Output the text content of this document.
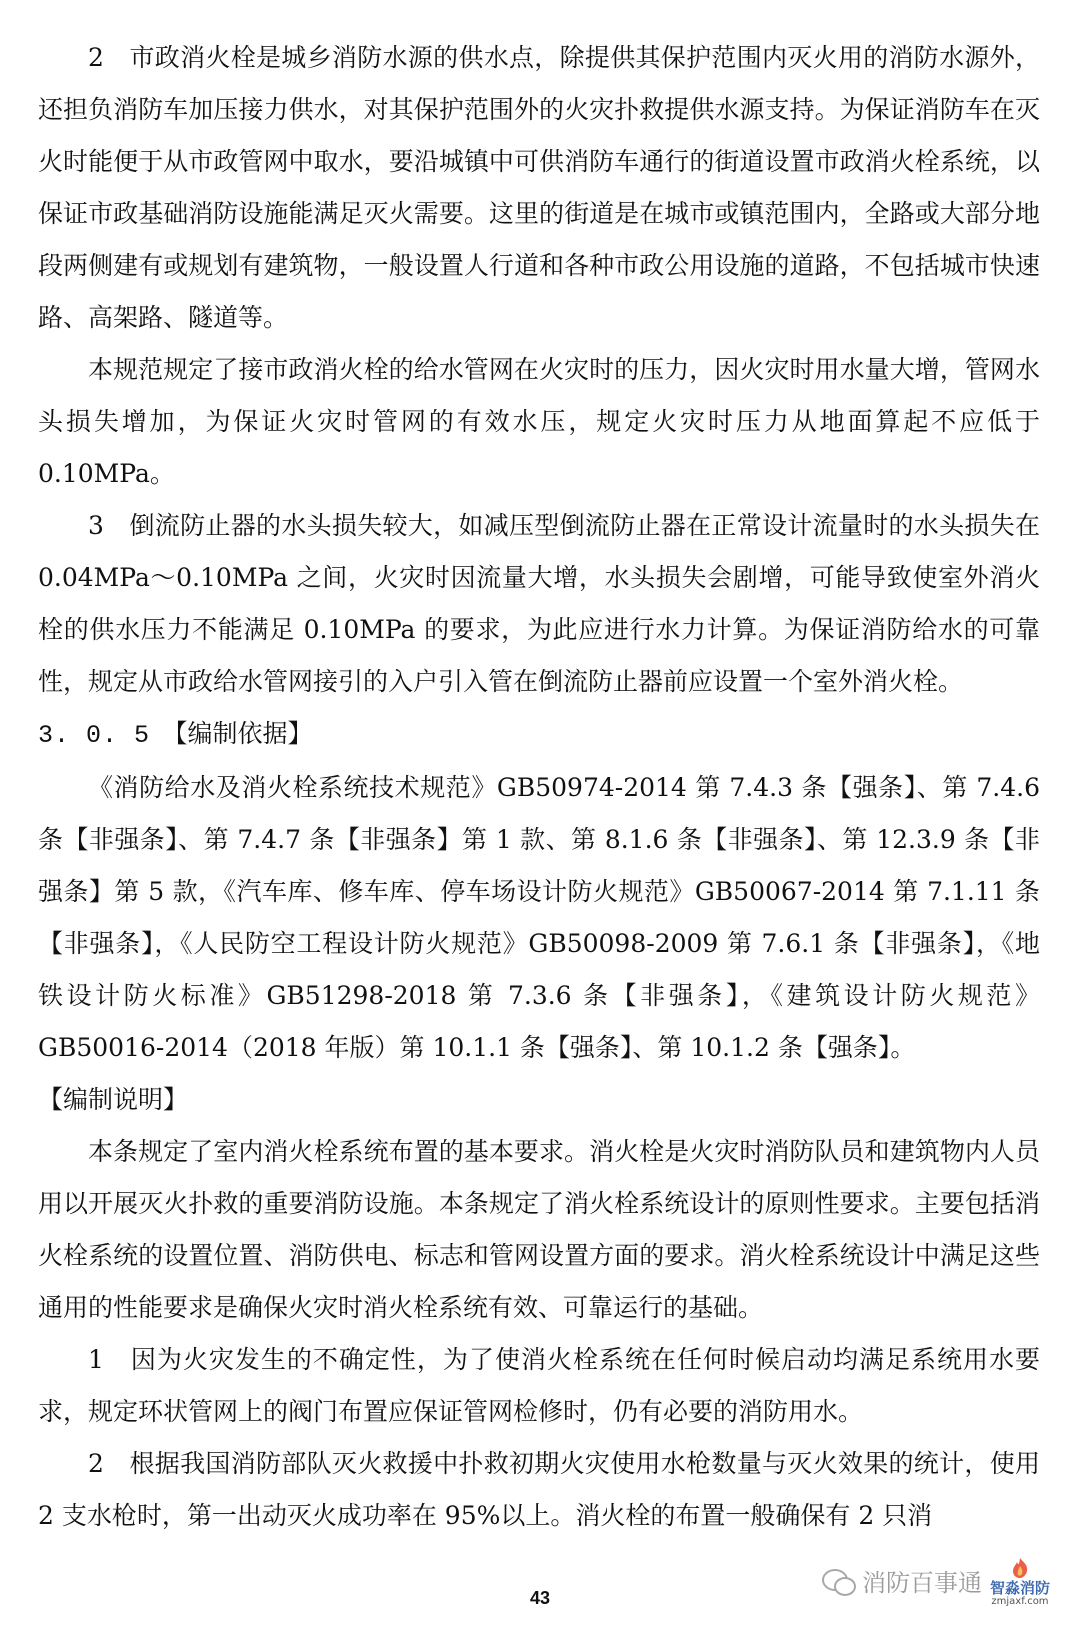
2　市政消火栓是城乡消防水源的供水点，除提供其保护范围内灭火用的消防水源外，还担负消防车加压接力供水，对其保护范围外的火灾扑救提供水源支持。为保证消防车在灭火时能便于从市政管网中取水，要沿城镇中可供消防车通行的街道设置市政消火栓系统，以保证市政基础消防设施能满足灭火需要。这里的街道是在城市或镇范围内，全路或大部分地段两侧建有或规划有建筑物，一般设置人行道和各种市政公用设施的道路，不包括城市快速路、高架路、隧道等。

本规范规定了接市政消火栓的给水管网在火灾时的压力，因火灾时用水量大增，管网水头损失增加，为保证火灾时管网的有效水压，规定火灾时压力从地面算起不应低于 0.10MPa。

3　倒流防止器的水头损失较大，如减压型倒流防止器在正常设计流量时的水头损失在 0.04MPa～0.10MPa 之间，火灾时因流量大增，水头损失会剧增，可能导致使室外消火栓的供水压力不能满足 0.10MPa 的要求，为此应进行水力计算。为保证消防给水的可靠性，规定从市政给水管网接引的入户引入管在倒流防止器前应设置一个室外消火栓。

3. 0. 5　 【编制依据】

《消防给水及消火栓系统技术规范》GB50974-2014 第 7.4.3 条【强条】、第 7.4.6 条【非强条】、第 7.4.7 条【非强条】第 1 款、第 8.1.6 条【非强条】、第 12.3.9 条【非强条】第 5 款，《汽车库、修车库、停车场设计防火规范》GB50067-2014 第 7.1.11 条【非强条】，《人民防空工程设计防火规范》GB50098-2009 第 7.6.1 条【非强条】，《地铁设计防火标准》GB51298-2018 第 7.3.6 条【非强条】，《建筑设计防火规范》GB50016-2014（2018 年版）第 10.1.1 条【强条】、第 10.1.2 条【强条】。

【编制说明】

本条规定了室内消火栓系统布置的基本要求。消火栓是火灾时消防队员和建筑物内人员用以开展灭火扑救的重要消防设施。本条规定了消火栓系统设计的原则性要求。主要包括消火栓系统的设置位置、消防供电、标志和管网设置方面的要求。消火栓系统设计中满足这些通用的性能要求是确保火灾时消火栓系统有效、可靠运行的基础。

1　因为火灾发生的不确定性，为了使消火栓系统在任何时候启动均满足系统用水要求，规定环状管网上的阀门布置应保证管网检修时，仍有必要的消防用水。

2　根据我国消防部队灭火救援中扑救初期火灾使用水枪数量与灭火效果的统计，使用 2 支水枪时，第一出动灭火成功率在 95%以上。消火栓的布置一般确保有 2 只消

43
消防百事通 智淼消防
zmjaxf.com
